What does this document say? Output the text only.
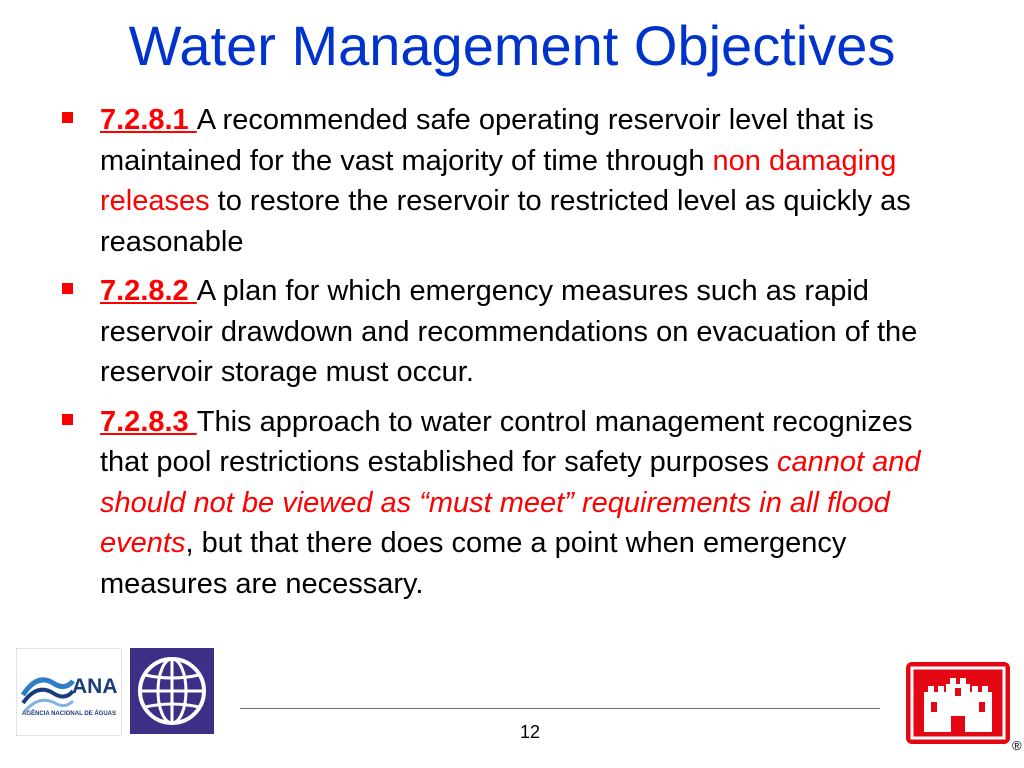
Water Management Objectives
7.2.8.1 A recommended safe operating reservoir level that is maintained for the vast majority of time through non damaging releases to restore the reservoir to restricted level as quickly as reasonable
7.2.8.2 A plan for which emergency measures such as rapid reservoir drawdown and recommendations on evacuation of the reservoir storage must occur.
7.2.8.3 This approach to water control management recognizes that pool restrictions established for safety purposes cannot and should not be viewed as “must meet” requirements in all flood events, but that there does come a point when emergency measures are necessary.
ANA
AGÊNCIA NACIONAL DE ÁGUAS
12
®
